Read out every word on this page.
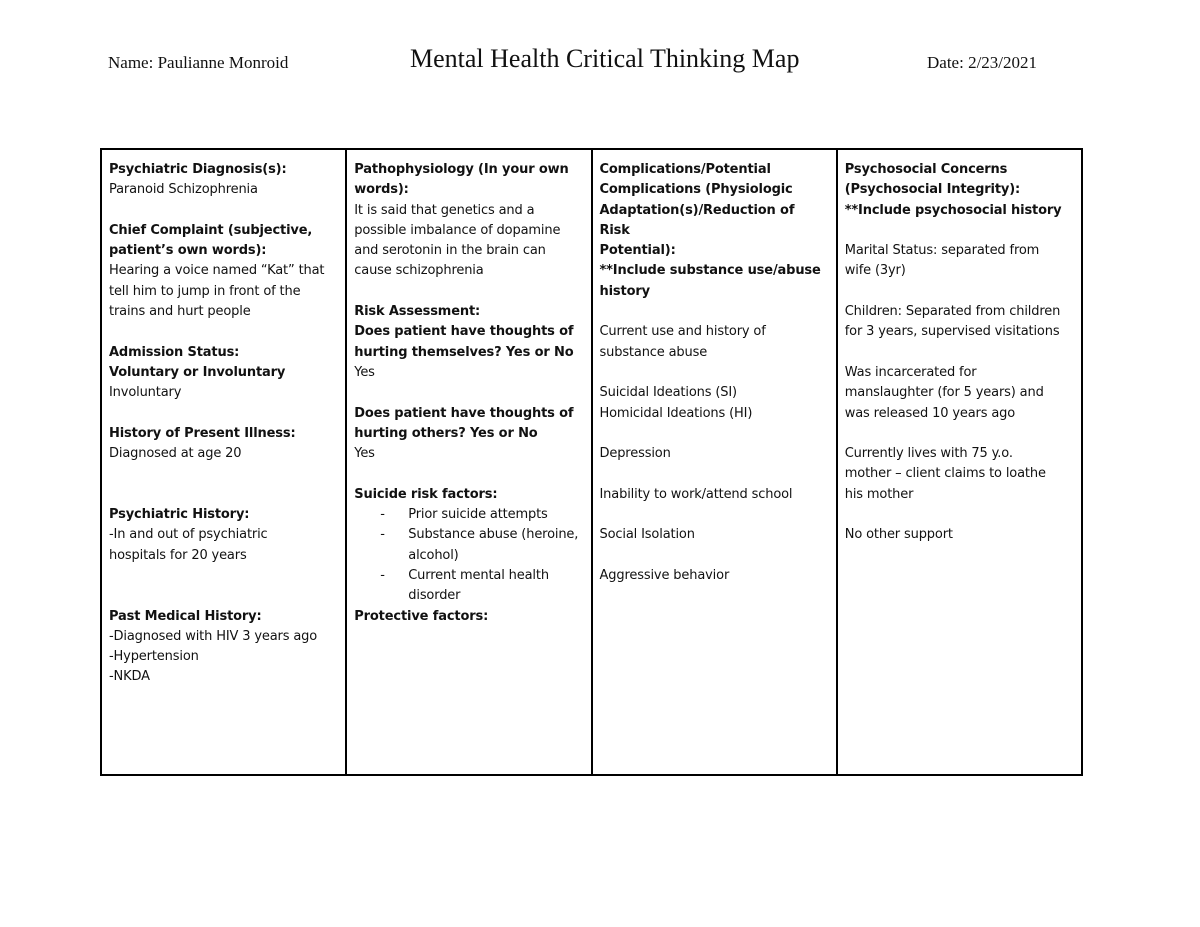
Name: Paulianne Monroid	Mental Health Critical Thinking Map	Date: 2/23/2021
Psychiatric Diagnosis(s):
Paranoid Schizophrenia
Chief Complaint (subjective,
patient’s own words):
Hearing a voice named “Kat” that
tell him to jump in front of the
trains and hurt people
Admission Status:
Voluntary or Involuntary
Involuntary
History of Present Illness:
Diagnosed at age 20
Psychiatric History:
-In and out of psychiatric
hospitals for 20 years
Past Medical History:
-Diagnosed with HIV 3 years ago
-Hypertension
-NKDA
Pathophysiology (In your own
words):
It is said that genetics and a
possible imbalance of dopamine
and serotonin in the brain can
cause schizophrenia
Risk Assessment:
Does patient have thoughts of
hurting themselves? Yes or No
Yes
Does patient have thoughts of
hurting others? Yes or No
Yes
Suicide risk factors:
- Prior suicide attempts
- Substance abuse (heroine, alcohol)
- Current mental health disorder
Protective factors:
Complications/Potential
Complications (Physiologic
Adaptation(s)/Reduction of Risk
Potential):
**Include substance use/abuse
history
Current use and history of
substance abuse
Suicidal Ideations (SI)
Homicidal Ideations (HI)
Depression
Inability to work/attend school
Social Isolation
Aggressive behavior
Psychosocial Concerns
(Psychosocial Integrity):
**Include psychosocial history
Marital Status: separated from
wife (3yr)
Children: Separated from children
for 3 years, supervised visitations
Was incarcerated for
manslaughter (for 5 years) and
was released 10 years ago
Currently lives with 75 y.o.
mother – client claims to loathe
his mother
No other support
